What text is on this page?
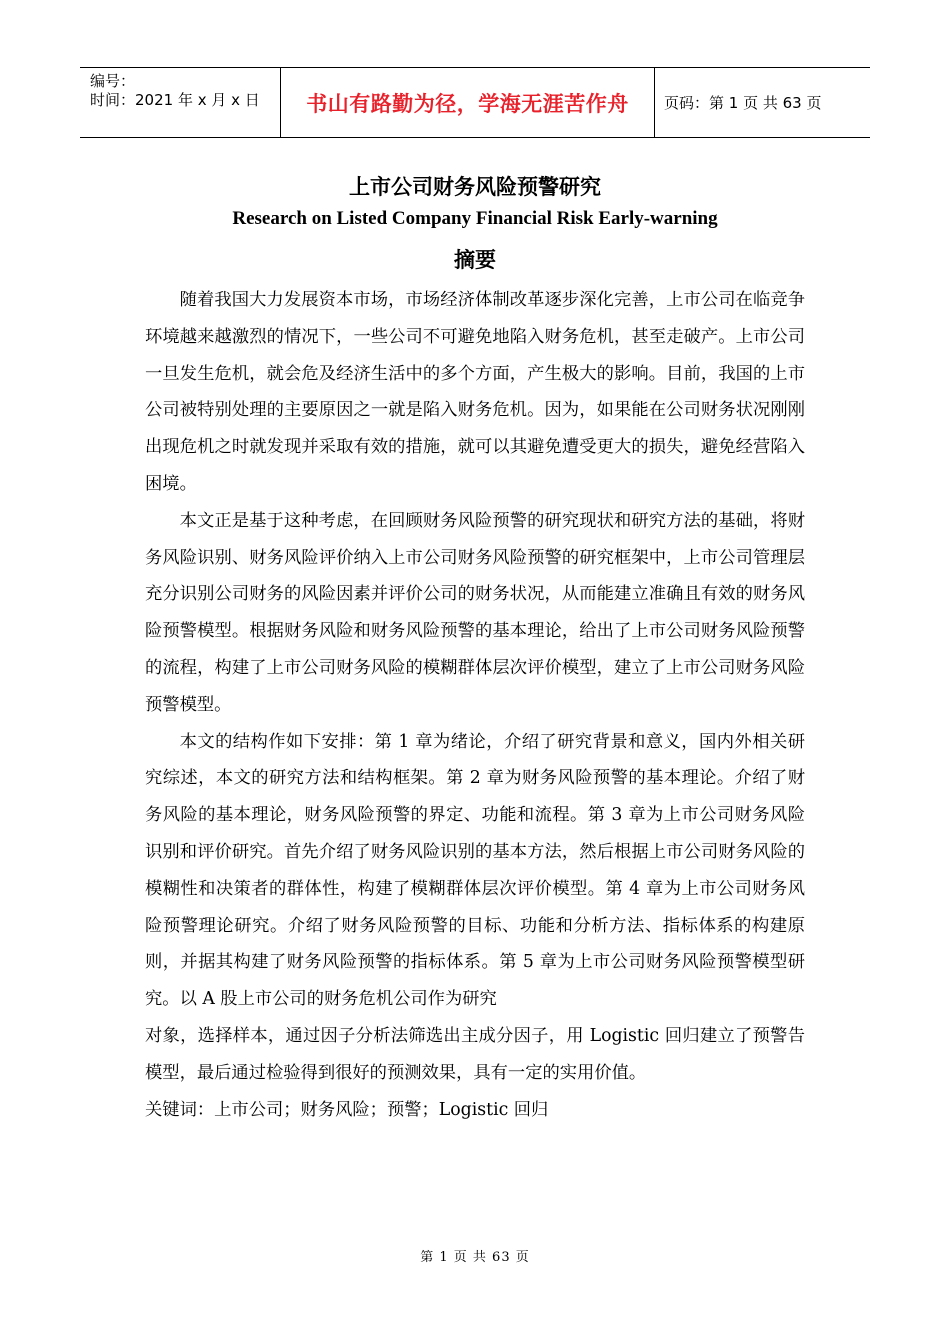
编号：
时间：2021 年 x 月 x 日	书山有路勤为径，学海无涯苦作舟	页码：第 1 页 共 63 页
上市公司财务风险预警研究
Research on Listed Company Financial Risk Early-warning
摘要

随着我国大力发展资本市场，市场经济体制改革逐步深化完善，上市公司在临竞争环境越来越激烈的情况下，一些公司不可避免地陷入财务危机，甚至走破产。上市公司一旦发生危机，就会危及经济生活中的多个方面，产生极大的影响。目前，我国的上市公司被特别处理的主要原因之一就是陷入财务危机。因为，如果能在公司财务状况刚刚出现危机之时就发现并采取有效的措施，就可以其避免遭受更大的损失，避免经营陷入困境。

本文正是基于这种考虑，在回顾财务风险预警的研究现状和研究方法的基础，将财务风险识别、财务风险评价纳入上市公司财务风险预警的研究框架中，上市公司管理层充分识别公司财务的风险因素并评价公司的财务状况，从而能建立准确且有效的财务风险预警模型。根据财务风险和财务风险预警的基本理论，给出了上市公司财务风险预警的流程，构建了上市公司财务风险的模糊群体层次评价模型，建立了上市公司财务风险预警模型。

本文的结构作如下安排：第 1 章为绪论，介绍了研究背景和意义，国内外相关研究综述，本文的研究方法和结构框架。第 2 章为财务风险预警的基本理论。介绍了财务风险的基本理论，财务风险预警的界定、功能和流程。第 3 章为上市公司财务风险识别和评价研究。首先介绍了财务风险识别的基本方法，然后根据上市公司财务风险的模糊性和决策者的群体性，构建了模糊群体层次评价模型。第 4 章为上市公司财务风险预警理论研究。介绍了财务风险预警的目标、功能和分析方法、指标体系的构建原则，并据其构建了财务风险预警的指标体系。第 5 章为上市公司财务风险预警模型研究。以 A 股上市公司的财务危机公司作为研究

对象，选择样本，通过因子分析法筛选出主成分因子，用 Logistic 回归建立了预警告模型，最后通过检验得到很好的预测效果，具有一定的实用价值。

关键词：上市公司；财务风险；预警；Logistic 回归

第 1 页 共 63 页
